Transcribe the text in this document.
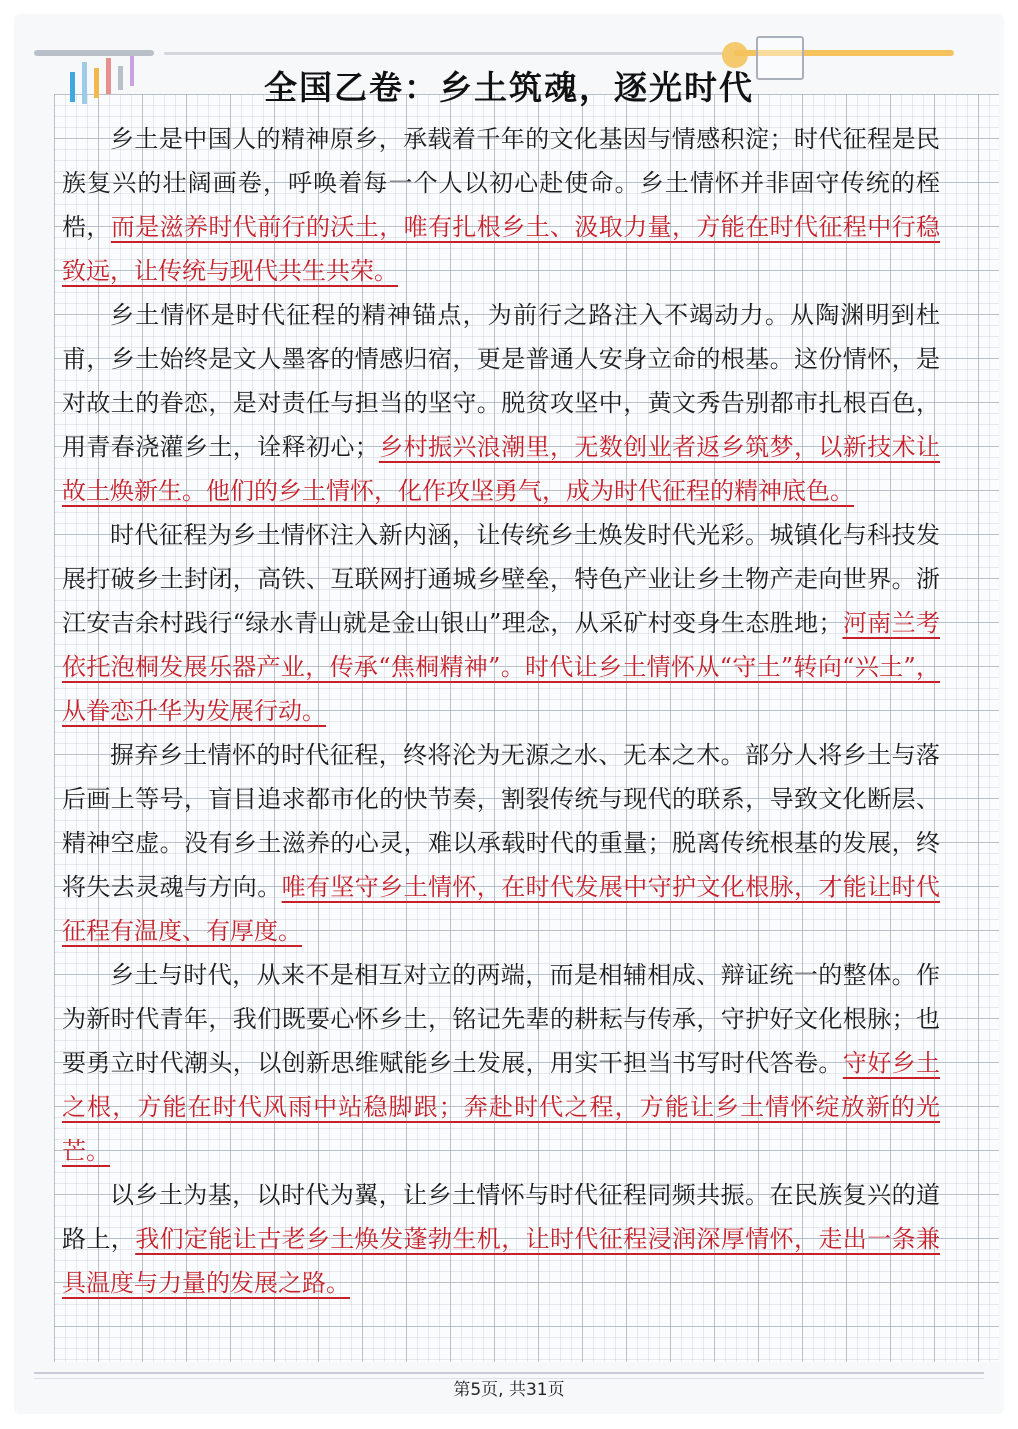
全国乙卷：乡土筑魂，逐光时代

乡土是中国人的精神原乡，承载着千年的文化基因与情感积淀；时代征程是民族复兴的壮阔画卷，呼唤着每一个人以初心赴使命。乡土情怀并非固守传统的桎梏，而是滋养时代前行的沃土，唯有扎根乡土、汲取力量，方能在时代征程中行稳致远，让传统与现代共生共荣。

乡土情怀是时代征程的精神锚点，为前行之路注入不竭动力。从陶渊明到杜甫，乡土始终是文人墨客的情感归宿，更是普通人安身立命的根基。这份情怀，是对故土的眷恋，是对责任与担当的坚守。脱贫攻坚中，黄文秀告别都市扎根百色，用青春浇灌乡土，诠释初心；乡村振兴浪潮里，无数创业者返乡筑梦，以新技术让故土焕新生。他们的乡土情怀，化作攻坚勇气，成为时代征程的精神底色。

时代征程为乡土情怀注入新内涵，让传统乡土焕发时代光彩。城镇化与科技发展打破乡土封闭，高铁、互联网打通城乡壁垒，特色产业让乡土物产走向世界。浙江安吉余村践行“绿水青山就是金山银山”理念，从采矿村变身生态胜地；河南兰考依托泡桐发展乐器产业，传承“焦桐精神”。时代让乡土情怀从“守土”转向“兴土”，从眷恋升华为发展行动。

摒弃乡土情怀的时代征程，终将沦为无源之水、无本之木。部分人将乡土与落后画上等号，盲目追求都市化的快节奏，割裂传统与现代的联系，导致文化断层、精神空虚。没有乡土滋养的心灵，难以承载时代的重量；脱离传统根基的发展，终将失去灵魂与方向。唯有坚守乡土情怀，在时代发展中守护文化根脉，才能让时代征程有温度、有厚度。

乡土与时代，从来不是相互对立的两端，而是相辅相成、辩证统一的整体。作为新时代青年，我们既要心怀乡土，铭记先辈的耕耘与传承，守护好文化根脉；也要勇立时代潮头，以创新思维赋能乡土发展，用实干担当书写时代答卷。守好乡土之根，方能在时代风雨中站稳脚跟；奔赴时代之程，方能让乡土情怀绽放新的光芒。

以乡土为基，以时代为翼，让乡土情怀与时代征程同频共振。在民族复兴的道路上，我们定能让古老乡土焕发蓬勃生机，让时代征程浸润深厚情怀，走出一条兼具温度与力量的发展之路。

第5页, 共31页
